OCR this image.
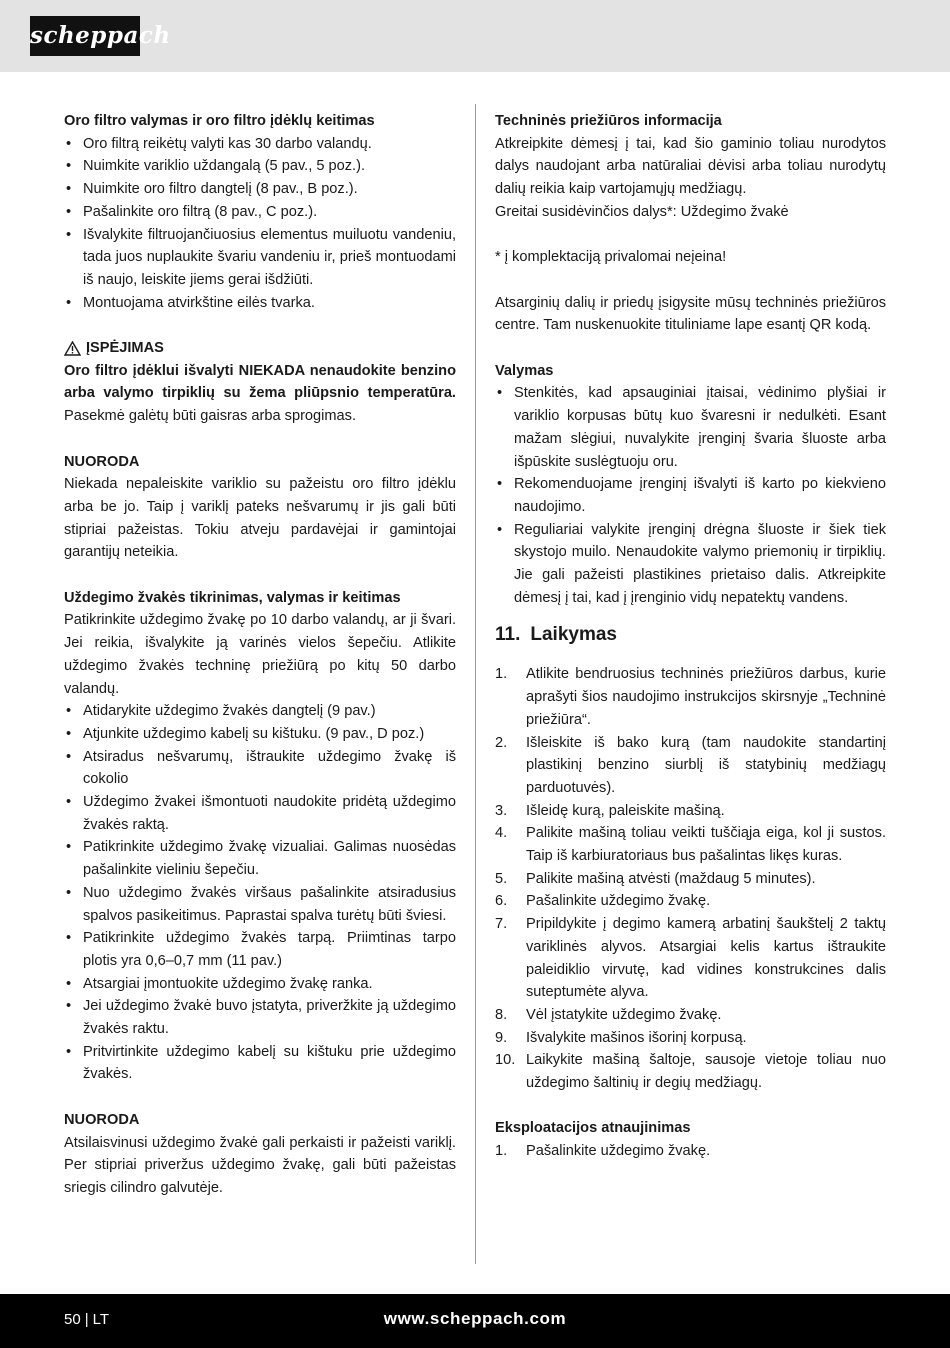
scheppach
Oro filtro valymas ir oro filtro įdėklų keitimas
• Oro filtrą reikėtų valyti kas 30 darbo valandų.
• Nuimkite variklio uždangalą (5 pav., 5 poz.).
• Nuimkite oro filtro dangtelį (8 pav., B poz.).
• Pašalinkite oro filtrą (8 pav., C poz.).
• Išvalykite filtruojančiuosius elementus muiluotu vandeniu, tada juos nuplaukite švariu vandeniu ir, prieš montuodami iš naujo, leiskite jiems gerai išdžiūti.
• Montuojama atvirkštine eilės tvarka.
ĮSPĖJIMAS
Oro filtro įdėklui išvalyti NIEKADA nenaudokite benzino arba valymo tirpiklių su žema pliūpsnio temperatūra. Pasekmė galėtų būti gaisras arba sprogimas.
NUORODA
Niekada nepaleiskite variklio su pažeistu oro filtro įdėklu arba be jo. Taip į variklį pateks nešvarumų ir jis gali būti stipriai pažeistas. Tokiu atveju pardavėjai ir gamintojai garantijų neteikia.
Uždegimo žvakės tikrinimas, valymas ir keitimas
Patikrinkite uždegimo žvakę po 10 darbo valandų, ar ji švari. Jei reikia, išvalykite ją varinės vielos šepečiu. Atlikite uždegimo žvakės techninę priežiūrą po kitų 50 darbo valandų.
• Atidarykite uždegimo žvakės dangtelį (9 pav.)
• Atjunkite uždegimo kabelį su kištuku. (9 pav., D poz.)
• Atsiradus nešvarumų, ištraukite uždegimo žvakę iš cokolio
• Uždegimo žvakei išmontuoti naudokite pridėtą uždegimo žvakės raktą.
• Patikrinkite uždegimo žvakę vizualiai. Galimas nuosėdas pašalinkite vieliniu šepečiu.
• Nuo uždegimo žvakės viršaus pašalinkite atsiradusius spalvos pasikeitimus. Paprastai spalva turėtų būti šviesi.
• Patikrinkite uždegimo žvakės tarpą. Priimtinas tarpo plotis yra 0,6–0,7 mm (11 pav.)
• Atsargiai įmontuokite uždegimo žvakę ranka.
• Jei uždegimo žvakė buvo įstatyta, priveržkite ją uždegimo žvakės raktu.
• Pritvirtinkite uždegimo kabelį su kištuku prie uždegimo žvakės.
NUORODA
Atsilaisvinusi uždegimo žvakė gali perkaisti ir pažeisti variklį. Per stipriai priveržus uždegimo žvakę, gali būti pažeistas sriegis cilindro galvutėje.
Techninės priežiūros informacija
Atkreipkite dėmesį į tai, kad šio gaminio toliau nurodytos dalys naudojant arba natūraliai dėvisi arba toliau nurodytų dalių reikia kaip vartojamųjų medžiagų.
Greitai susidėvinčios dalys*: Uždegimo žvakė
* į komplektaciją privalomai neįeina!
Atsarginių dalių ir priedų įsigysite mūsų techninės priežiūros centre. Tam nuskenuokite tituliniame lape esantį QR kodą.
Valymas
• Stenkitės, kad apsauginiai įtaisai, vėdinimo plyšiai ir variklio korpusas būtų kuo švaresni ir nedulkėti. Esant mažam slėgiui, nuvalykite įrenginį švaria šluoste arba išpūskite suslėgtuoju oru.
• Rekomenduojame įrenginį išvalyti iš karto po kiekvieno naudojimo.
• Reguliariai valykite įrenginį drėgna šluoste ir šiek tiek skystojo muilo. Nenaudokite valymo priemonių ir tirpiklių. Jie gali pažeisti plastikines prietaiso dalis. Atkreipkite dėmesį į tai, kad į įrenginio vidų nepatektų vandens.
11. Laikymas
1. Atlikite bendruosius techninės priežiūros darbus, kurie aprašyti šios naudojimo instrukcijos skirsnyje „Techninė priežiūra“.
2. Išleiskite iš bako kurą (tam naudokite standartinį plastikinį benzino siurblį iš statybinių medžiagų parduotuvės).
3. Išleidę kurą, paleiskite mašiną.
4. Palikite mašiną toliau veikti tuščiąja eiga, kol ji sustos. Taip iš karbiuratoriaus bus pašalintas likęs kuras.
5. Palikite mašiną atvėsti (maždaug 5 minutes).
6. Pašalinkite uždegimo žvakę.
7. Pripildykite į degimo kamerą arbatinį šaukštelį 2 taktų variklinės alyvos. Atsargiai kelis kartus ištraukite paleidiklio virvutę, kad vidines konstrukcines dalis suteptumėte alyva.
8. Vėl įstatykite uždegimo žvakę.
9. Išvalykite mašinos išorinį korpusą.
10. Laikykite mašiną šaltoje, sausoje vietoje toliau nuo uždegimo šaltinių ir degių medžiagų.
Eksploatacijos atnaujinimas
1. Pašalinkite uždegimo žvakę.
50 | LT	www.scheppach.com
